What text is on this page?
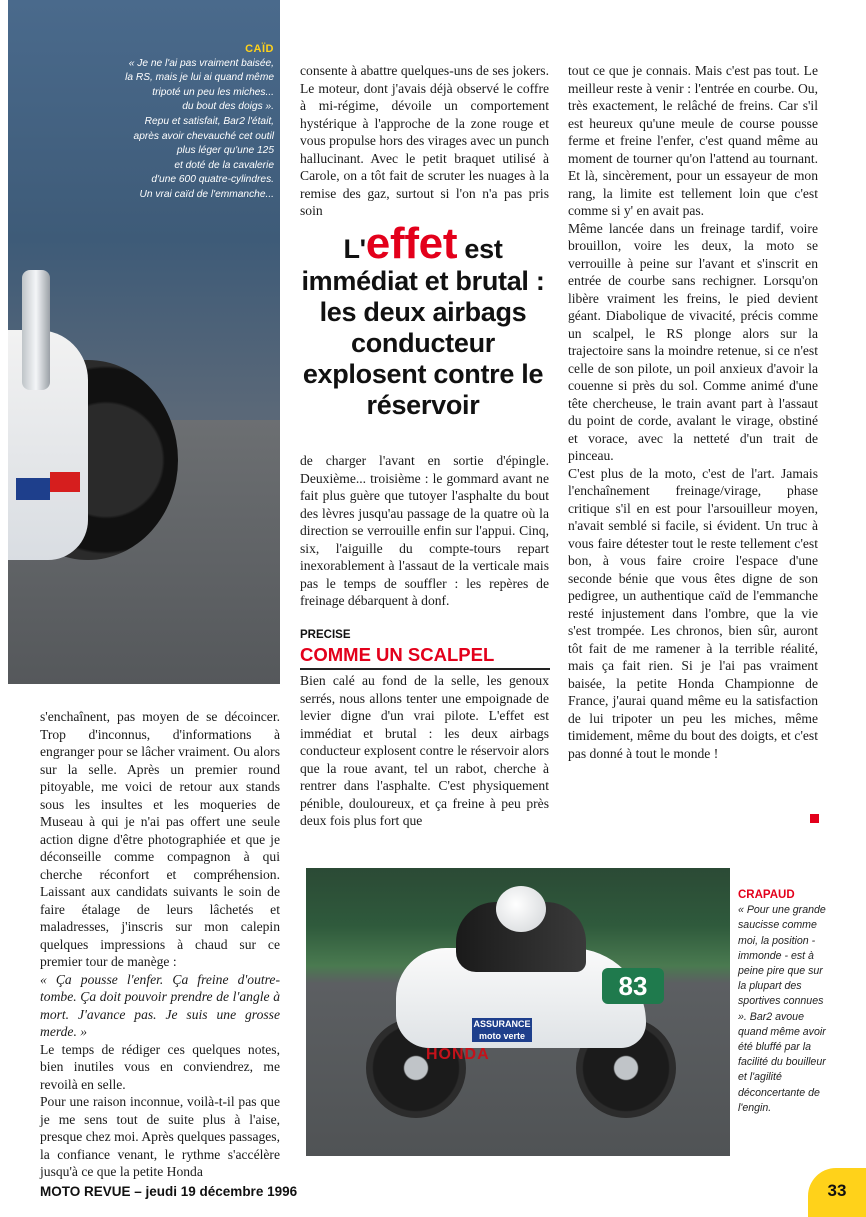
CAÏD
« Je ne l'ai pas vraiment baisée,
la RS, mais je lui ai quand même
tripoté un peu les miches...
du bout des doigs ».
Repu et satisfait, Bar2 l'était,
après avoir chevauché cet outil
plus léger qu'une 125
et doté de la cavalerie
d'une 600 quatre-cylindres.
Un vrai caïd de l'emmanche...

s'enchaînent, pas moyen de se décoincer. Trop d'inconnus, d'informations à engranger pour se lâcher vraiment. Ou alors sur la selle. Après un premier round pitoyable, me voici de retour aux stands sous les insultes et les moqueries de Museau à qui je n'ai pas offert une seule action digne d'être photographiée et que je déconseille comme compagnon à qui cherche réconfort et compréhension. Laissant aux candidats suivants le soin de faire étalage de leurs lâchetés et maladresses, j'inscris sur mon calepin quelques impressions à chaud sur ce premier tour de manège :

« Ça pousse l'enfer. Ça freine d'outre-tombe. Ça doit pouvoir prendre de l'angle à mort. J'avance pas. Je suis une grosse merde. »

Le temps de rédiger ces quelques notes, bien inutiles vous en conviendrez, me revoilà en selle.

Pour une raison inconnue, voilà-t-il pas que je me sens tout de suite plus à l'aise, presque chez moi. Après quelques passages, la confiance venant, le rythme s'accélère jusqu'à ce que la petite Honda

consente à abattre quelques-uns de ses jokers. Le moteur, dont j'avais déjà observé le coffre à mi-régime, dévoile un comportement hystérique à l'approche de la zone rouge et vous propulse hors des virages avec un punch hallucinant. Avec le petit braquet utilisé à Carole, on a tôt fait de scruter les nuages à la remise des gaz, surtout si l'on n'a pas pris soin

L'effet est immédiat et brutal : les deux airbags conducteur explosent contre le réservoir

de charger l'avant en sortie d'épingle. Deuxième... troisième : le gommard avant ne fait plus guère que tutoyer l'asphalte du bout des lèvres jusqu'au passage de la quatre où la direction se verrouille enfin sur l'appui. Cinq, six, l'aiguille du compte-tours repart inexorablement à l'assaut de la verticale mais pas le temps de souffler : les repères de freinage débarquent à donf.

PRECISE
COMME UN SCALPEL

Bien calé au fond de la selle, les genoux serrés, nous allons tenter une empoignade de levier digne d'un vrai pilote. L'effet est immédiat et brutal : les deux airbags conducteur explosent contre le réservoir alors que la roue avant, tel un rabot, cherche à rentrer dans l'asphalte. C'est physiquement pénible, douloureux, et ça freine à peu près deux fois plus fort que

tout ce que je connais. Mais c'est pas tout. Le meilleur reste à venir : l'entrée en courbe. Ou, très exactement, le relâché de freins. Car s'il est heureux qu'une meule de course pousse ferme et freine l'enfer, c'est quand même au moment de tourner qu'on l'attend au tournant. Et là, sincèrement, pour un essayeur de mon rang, la limite est tellement loin que c'est comme si y' en avait pas.

Même lancée dans un freinage tardif, voire brouillon, voire les deux, la moto se verrouille à peine sur l'avant et s'inscrit en entrée de courbe sans rechigner. Lorsqu'on libère vraiment les freins, le pied devient géant. Diabolique de vivacité, précis comme un scalpel, le RS plonge alors sur la trajectoire sans la moindre retenue, si ce n'est celle de son pilote, un poil anxieux d'avoir la couenne si près du sol. Comme animé d'une tête chercheuse, le train avant part à l'assaut du point de corde, avalant le virage, obstiné et vorace, avec la netteté d'un trait de pinceau.

C'est plus de la moto, c'est de l'art. Jamais l'enchaînement freinage/virage, phase critique s'il en est pour l'arsouilleur moyen, n'avait semblé si facile, si évident. Un truc à vous faire détester tout le reste tellement c'est bon, à vous faire croire l'espace d'une seconde bénie que vous êtes digne de son pedigree, un authentique caïd de l'emmanche resté injustement dans l'ombre, que la vie s'est trompée. Les chronos, bien sûr, auront tôt fait de me ramener à la terrible réalité, mais ça fait rien. Si je l'ai pas vraiment baisée, la petite Honda Championne de France, j'aurai quand même eu la satisfaction de lui tripoter un peu les miches, même timidement, même du bout des doigts, et c'est pas donné à tout le monde !

83
ASSURANCE moto verte
HONDA
CRAPAUD
« Pour une grande saucisse comme moi, la position - immonde - est à peine pire que sur la plupart des sportives connues ». Bar2 avoue quand même avoir été bluffé par la facilité du bouilleur et l'agilité déconcertante de l'engin.
MOTO REVUE – jeudi 19 décembre 1996	33
